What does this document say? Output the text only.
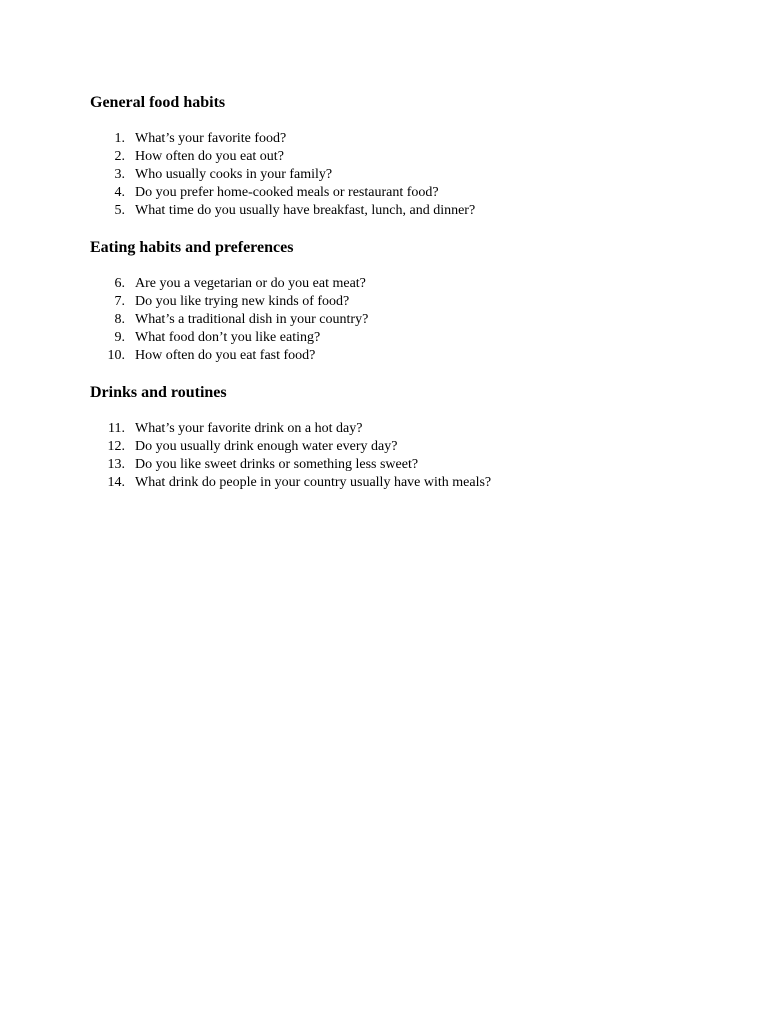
General food habits
1. What’s your favorite food?
2. How often do you eat out?
3. Who usually cooks in your family?
4. Do you prefer home-cooked meals or restaurant food?
5. What time do you usually have breakfast, lunch, and dinner?
Eating habits and preferences
6. Are you a vegetarian or do you eat meat?
7. Do you like trying new kinds of food?
8. What’s a traditional dish in your country?
9. What food don’t you like eating?
10. How often do you eat fast food?
Drinks and routines
11. What’s your favorite drink on a hot day?
12. Do you usually drink enough water every day?
13. Do you like sweet drinks or something less sweet?
14. What drink do people in your country usually have with meals?
